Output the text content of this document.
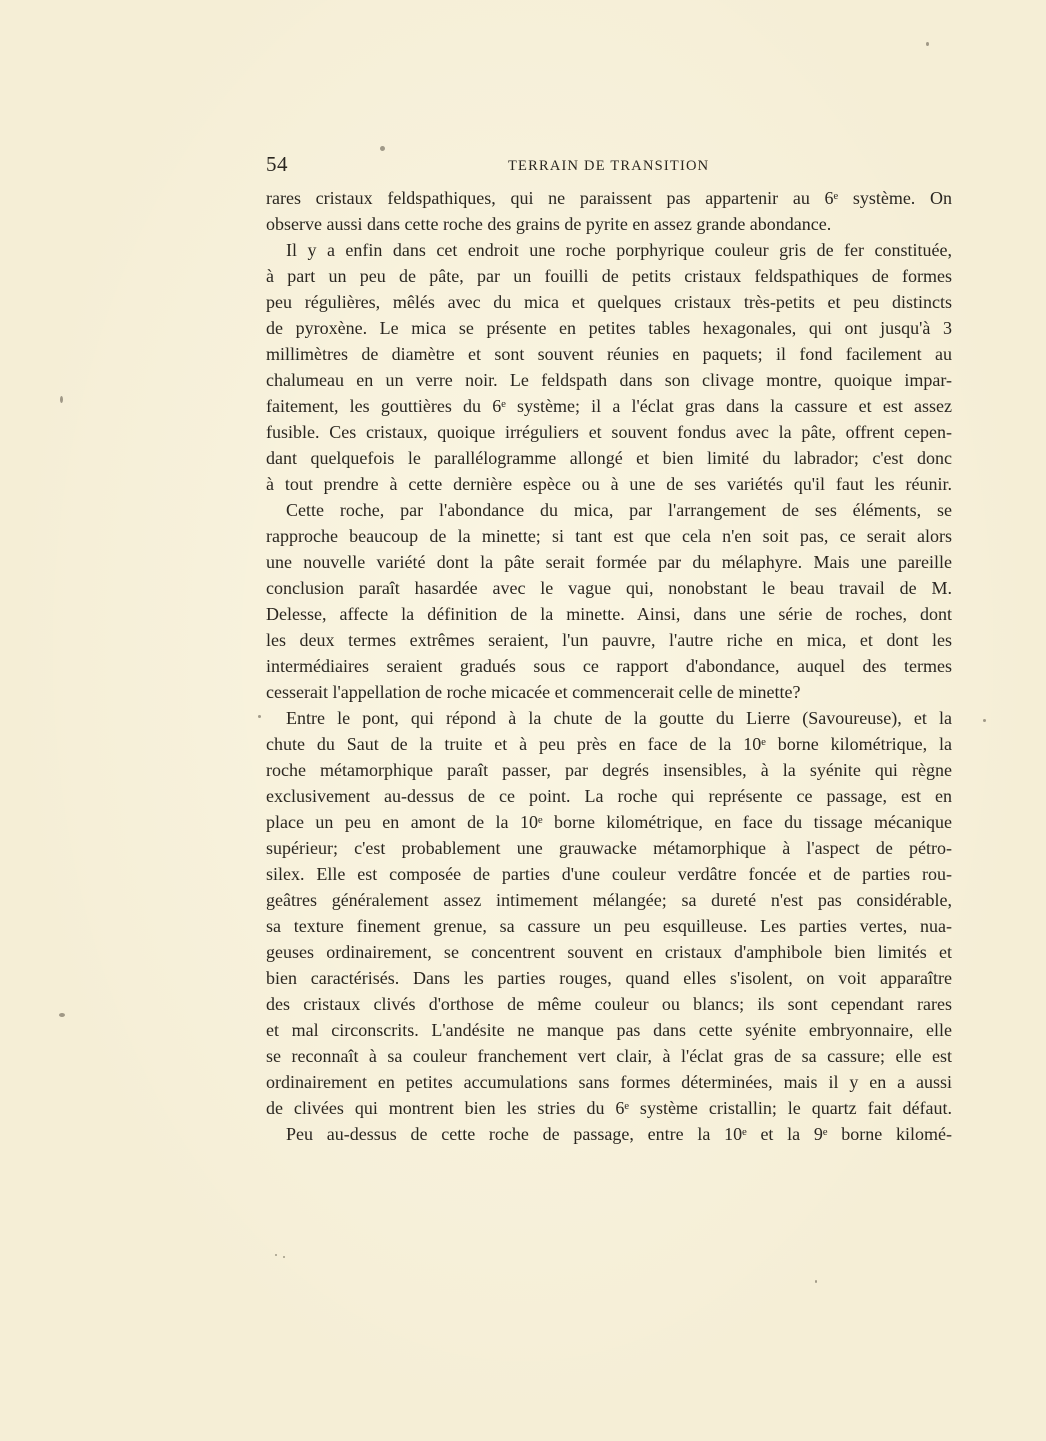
54	TERRAIN DE TRANSITION
rares cristaux feldspathiques, qui ne paraissent pas appartenir au 6ᵉ système. On
observe aussi dans cette roche des grains de pyrite en assez grande abondance.
Il y a enfin dans cet endroit une roche porphyrique couleur gris de fer constituée,
à part un peu de pâte, par un fouilli de petits cristaux feldspathiques de formes
peu régulières, mêlés avec du mica et quelques cristaux très-petits et peu distincts
de pyroxène. Le mica se présente en petites tables hexagonales, qui ont jusqu'à 3
millimètres de diamètre et sont souvent réunies en paquets; il fond facilement au
chalumeau en un verre noir. Le feldspath dans son clivage montre, quoique impar-
faitement, les gouttières du 6ᵉ système; il a l'éclat gras dans la cassure et est assez
fusible. Ces cristaux, quoique irréguliers et souvent fondus avec la pâte, offrent cepen-
dant quelquefois le parallélogramme allongé et bien limité du labrador; c'est donc
à tout prendre à cette dernière espèce ou à une de ses variétés qu'il faut les réunir.
Cette roche, par l'abondance du mica, par l'arrangement de ses éléments, se
rapproche beaucoup de la minette; si tant est que cela n'en soit pas, ce serait alors
une nouvelle variété dont la pâte serait formée par du mélaphyre. Mais une pareille
conclusion paraît hasardée avec le vague qui, nonobstant le beau travail de M.
Delesse, affecte la définition de la minette. Ainsi, dans une série de roches, dont
les deux termes extrêmes seraient, l'un pauvre, l'autre riche en mica, et dont les
intermédiaires seraient gradués sous ce rapport d'abondance, auquel des termes
cesserait l'appellation de roche micacée et commencerait celle de minette?
Entre le pont, qui répond à la chute de la goutte du Lierre (Savoureuse), et la
chute du Saut de la truite et à peu près en face de la 10ᵉ borne kilométrique, la
roche métamorphique paraît passer, par degrés insensibles, à la syénite qui règne
exclusivement au-dessus de ce point. La roche qui représente ce passage, est en
place un peu en amont de la 10ᵉ borne kilométrique, en face du tissage mécanique
supérieur; c'est probablement une grauwacke métamorphique à l'aspect de pétro-
silex. Elle est composée de parties d'une couleur verdâtre foncée et de parties rou-
geâtres généralement assez intimement mélangée; sa dureté n'est pas considérable,
sa texture finement grenue, sa cassure un peu esquilleuse. Les parties vertes, nua-
geuses ordinairement, se concentrent souvent en cristaux d'amphibole bien limités et
bien caractérisés. Dans les parties rouges, quand elles s'isolent, on voit apparaître
des cristaux clivés d'orthose de même couleur ou blancs; ils sont cependant rares
et mal circonscrits. L'andésite ne manque pas dans cette syénite embryonnaire, elle
se reconnaît à sa couleur franchement vert clair, à l'éclat gras de sa cassure; elle est
ordinairement en petites accumulations sans formes déterminées, mais il y en a aussi
de clivées qui montrent bien les stries du 6ᵉ système cristallin; le quartz fait défaut.
Peu au-dessus de cette roche de passage, entre la 10ᵉ et la 9ᵉ borne kilomé-
